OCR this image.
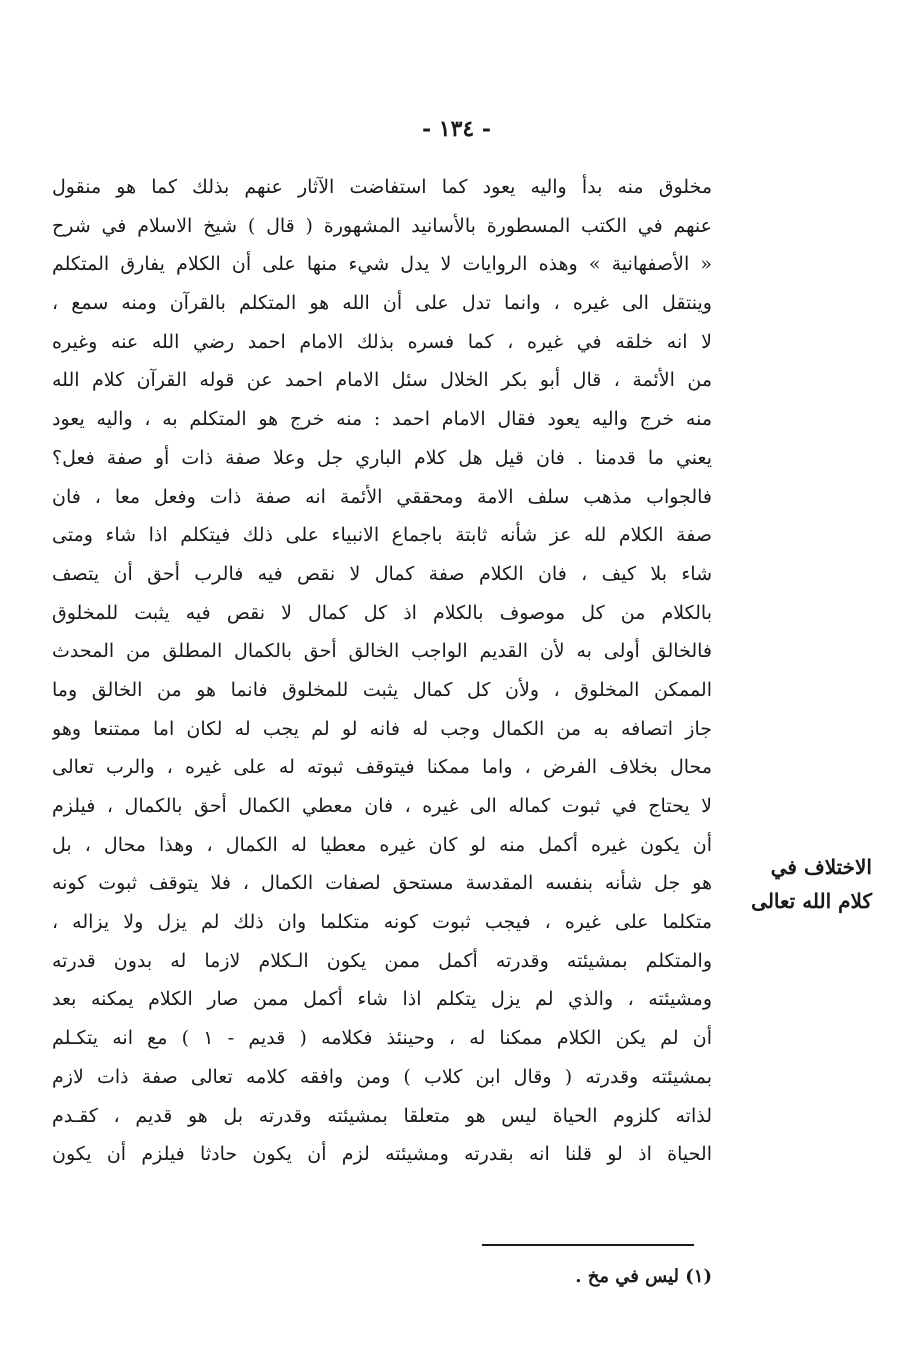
- ١٣٤ -
مخلوق منه بدأ واليه يعود كما استفاضت الآثار عنهم بذلك كما هو منقول
عنهم في الكتب المسطورة بالأسانيد المشهورة ( قال ) شيخ الاسلام في شرح
« الأصفهانية » وهذه الروايات لا يدل شيء منها على أن الكلام يفارق المتكلم
وينتقل الى غيره ، وانما تدل على أن الله هو المتكلم بالقرآن ومنه سمع ،
لا انه خلقه في غيره ، كما فسره بذلك الامام احمد رضي الله عنه وغيره
من الأئمة ، قال أبو بكر الخلال سئل الامام احمد عن قوله القرآن كلام الله
منه خرج واليه يعود فقال الامام احمد : منه خرج هو المتكلم به ، واليه يعود
يعني ما قدمنا . فان قيل هل كلام الباري جل وعلا صفة ذات أو صفة فعل؟
فالجواب مذهب سلف الامة ومحققي الأئمة انه صفة ذات وفعل معا ، فان
صفة الكلام لله عز شأنه ثابتة باجماع الانبياء على ذلك فيتكلم اذا شاء ومتى
شاء بلا كيف ، فان الكلام صفة كمال لا نقص فيه فالرب أحق أن يتصف
بالكلام من كل موصوف بالكلام اذ كل كمال لا نقص فيه يثبت للمخلوق
فالخالق أولى به لأن القديم الواجب الخالق أحق بالكمال المطلق من المحدث
الممكن المخلوق ، ولأن كل كمال يثبت للمخلوق فانما هو من الخالق وما
جاز اتصافه به من الكمال وجب له فانه لو لم يجب له لكان اما ممتنعا وهو
محال بخلاف الفرض ، واما ممكنا فيتوقف ثبوته له على غيره ، والرب تعالى
لا يحتاج في ثبوت كماله الى غيره ، فان معطي الكمال أحق بالكمال ، فيلزم
أن يكون غيره أكمل منه لو كان غيره معطيا له الكمال ، وهذا محال ، بل
هو جل شأنه بنفسه المقدسة مستحق لصفات الكمال ، فلا يتوقف ثبوت كونه
متكلما على غيره ، فيجب ثبوت كونه متكلما وان ذلك لم يزل ولا يزاله ،
والمتكلم بمشيئته وقدرته أكمل ممن يكون الـكلام لازما له بدون قدرته
ومشيئته ، والذي لم يزل يتكلم اذا شاء أكمل ممن صار الكلام يمكنه بعد
أن لم يكن الكلام ممكنا له ، وحينئذ فكلامه ( قديم - ١ ) مع انه يتكـلم
بمشيئته وقدرته ( وقال ابن كلاب ) ومن وافقه كلامه تعالى صفة ذات لازم
لذاته كلزوم الحياة ليس هو متعلقا بمشيئته وقدرته بل هو قديم ، كقـدم
الحياة اذ لو قلنا انه بقدرته ومشيئته لزم أن يكون حادثا فيلزم أن يكون
الاختلاف في
كلام الله تعالى
(١) ليس في مخ .
